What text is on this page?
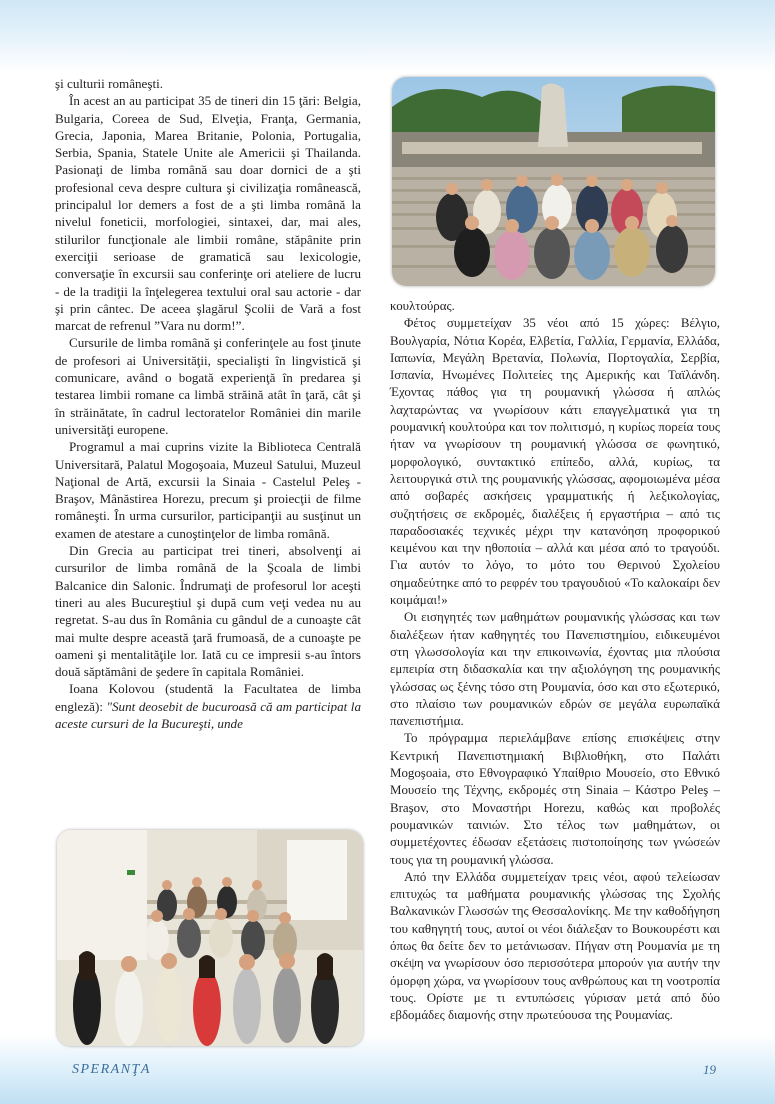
şi culturii româneşti.

În acest an au participat 35 de tineri din 15 ţări: Belgia, Bulgaria, Coreea de Sud, Elveţia, Franţa, Germania, Grecia, Japonia, Marea Britanie, Polonia, Portugalia, Serbia, Spania, Statele Unite ale Americii şi Thailanda. Pasionaţi de limba română sau doar dornici de a şti profesional ceva despre cultura şi civilizaţia românească, principalul lor demers a fost de a şti limba română la nivelul foneticii, morfologiei, sintaxei, dar, mai ales, stilurilor funcţionale ale limbii române, stăpânite prin exerciţii serioase de gramatică sau lexicologie, conversaţie în excursii sau conferinţe ori ateliere de lucru - de la tradiţii la înţelegerea textului oral sau actorie - dar şi prin cântec. De aceea şlagărul Şcolii de Vară a fost marcat de refrenul ”Vara nu dorm!”.

Cursurile de limba română şi conferinţele au fost ţinute de profesori ai Universităţii, specialişti în lingvistică şi comunicare, având o bogată experienţă în predarea şi testarea limbii romane ca limbă străină atât în ţară, cât şi în străinătate, în cadrul lectoratelor României din marile universităţi europene.

Programul a mai cuprins vizite la Biblioteca Centrală Universitară, Palatul Mogoşoaia, Muzeul Satului, Muzeul Naţional de Artă, excursii la Sinaia - Castelul Peleş - Braşov, Mânăstirea Horezu, precum şi proiecţii de filme româneşti. În urma cursurilor, participanţii au susţinut un examen de atestare a cunoştinţelor de limba română.

Din Grecia au participat trei tineri, absolvenţi ai cursurilor de limba română de la Şcoala de limbi Balcanice din Salonic. Îndrumaţi de profesorul lor aceşti tineri au ales Bucureştiul şi după cum veţi vedea nu au regretat. S-au dus în România cu gândul de a cunoaşte cât mai multe despre această ţară frumoasă, de a cunoaşte pe oameni şi mentalităţile lor. Iată cu ce impresii s-au întors două săptămâni de şedere în capitala României.

Ioana Kolovou (studentă la Facultatea de limba engleză): "Sunt deosebit de bucuroasă că am participat la aceste cursuri de la Bucureşti, unde

κουλτούρας.

Φέτος συμμετείχαν 35 νέοι από 15 χώρες: Βέλγιο, Βουλγαρία, Νότια Κορέα, Ελβετία, Γαλλία, Γερμανία, Ελλάδα, Ιαπωνία, Μεγάλη Βρετανία, Πολωνία, Πορτογαλία, Σερβία, Ισπανία, Ηνωμένες Πολιτείες της Αμερικής και Ταϊλάνδη. Έχοντας πάθος για τη ρουμανική γλώσσα ή απλώς λαχταρώντας να γνωρίσουν κάτι επαγγελματικά για τη ρουμανική κουλτούρα και τον πολιτισμό, η κυρίως πορεία τους ήταν να γνωρίσουν τη ρουμανική γλώσσα σε φωνητικό, μορφολογικό, συντακτικό επίπεδο, αλλά, κυρίως, τα λειτουργικά στιλ της ρουμανικής γλώσσας, αφομοιωμένα μέσα από σοβαρές ασκήσεις γραμματικής ή λεξικολογίας, συζητήσεις σε εκδρομές, διαλέξεις ή εργαστήρια – από τις παραδοσιακές τεχνικές μέχρι την κατανόηση προφορικού κειμένου και την ηθοποιία – αλλά και μέσα από το τραγούδι. Για αυτόν το λόγο, το μότο του Θερινού Σχολείου σημαδεύτηκε από το ρεφρέν του τραγουδιού «Το καλοκαίρι δεν κοιμάμαι!»

Οι εισηγητές των μαθημάτων ρουμανικής γλώσσας και των διαλέξεων ήταν καθηγητές του Πανεπιστημίου, ειδικευμένοι στη γλωσσολογία και την επικοινωνία, έχοντας μια πλούσια εμπειρία στη διδασκαλία και την αξιολόγηση της ρουμανικής γλώσσας ως ξένης τόσο στη Ρουμανία, όσο και στο εξωτερικό, στο πλαίσιο των ρουμανικών εδρών σε μεγάλα ευρωπαϊκά πανεπιστήμια.

Το πρόγραμμα περιελάμβανε επίσης επισκέψεις στην Κεντρική Πανεπιστημιακή Βιβλιοθήκη, στο Παλάτι Mogoşoaia, στο Εθνογραφικό Υπαίθριο Μουσείο, στο Εθνικό Μουσείο της Τέχνης, εκδρομές στη Sinaia – Κάστρο Peleş – Braşov, στο Μοναστήρι Horezu, καθώς και προβολές ρουμανικών ταινιών. Στο τέλος των μαθημάτων, οι συμμετέχοντες έδωσαν εξετάσεις πιστοποίησης των γνώσεών τους για τη ρουμανική γλώσσα.

Από την Ελλάδα συμμετείχαν τρεις νέοι, αφού τελείωσαν επιτυχώς τα μαθήματα ρουμανικής γλώσσας της Σχολής Βαλκανικών Γλωσσών της Θεσσαλονίκης. Με την καθοδήγηση του καθηγητή τους, αυτοί οι νέοι διάλεξαν το Βουκουρέστι και όπως θα δείτε δεν το μετάνιωσαν. Πήγαν στη Ρουμανία με τη σκέψη να γνωρίσουν όσο περισσότερα μπορούν για αυτήν την όμορφη χώρα, να γνωρίσουν τους ανθρώπους και τη νοοτροπία τους. Ορίστε με τι εντυπώσεις γύρισαν μετά από δύο εβδομάδες διαμονής στην πρωτεύουσα της Ρουμανίας.

SPERANŢA	19
